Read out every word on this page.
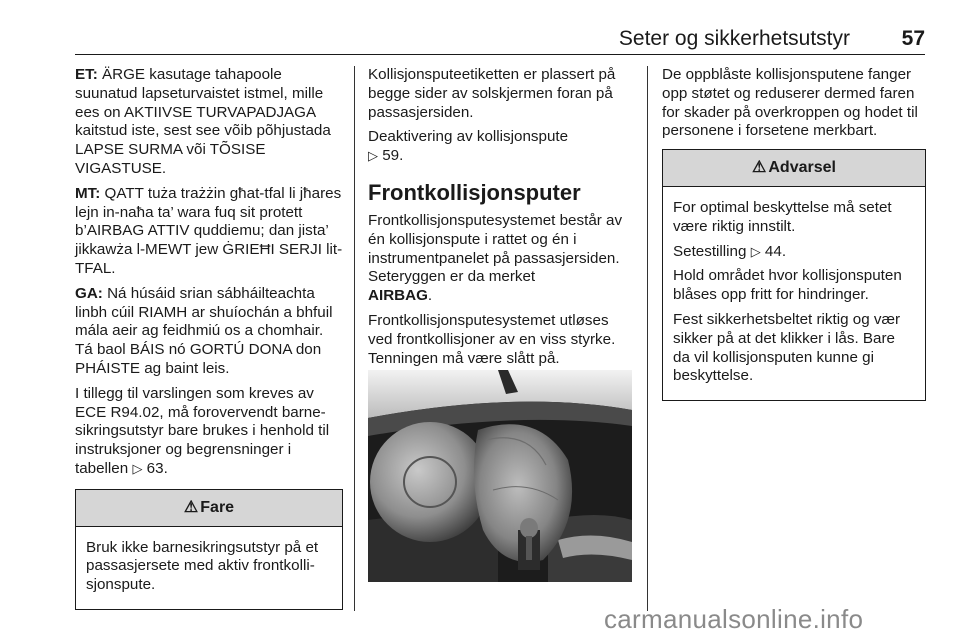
Seter og sikkerhetsutstyr	57

ET: ÄRGE kasutage tahapoole suunatud lapseturvaistet istmel, mille ees on AKTIIVSE TURVAPADJAGA kaitstud iste, sest see võib põhjustada LAPSE SURMA või TÕSISE VIGASTUSE.

MT: QATT tuża trażżin għat-tfal li jħares lejn in-naħa ta’ wara fuq sit protett b’AIRBAG ATTIV quddiemu; dan jista’ jikkawża l-MEWT jew ĠRIEĦI SERJI lit-TFAL.

GA: Ná húsáid srian sábháilteachta linbh cúil RIAMH ar shuíochán a bhfuil mála aeir ag feidhmiú os a chomhair. Tá baol BÁIS nó GORTÚ DONA don PHÁISTE ag baint leis.

I tillegg til varslingen som kreves av ECE R94.02, må forovervendt barnesikringsutstyr bare brukes i henhold til instruksjoner og begrensninger i tabellen ▷ 63.

⚠ Fare

Bruk ikke barnesikringsutstyr på et passasjersete med aktiv frontkollisjonspute.

Kollisjonsputeetiketten er plassert på begge sider av solskjermen foran på passasjersiden.

Deaktivering av kollisjonspute
▷ 59.

Frontkollisjonsputer

Frontkollisjonsputesystemet består av én kollisjonspute i rattet og én i instrumentpanelet på passasjersiden. Seteryggen er da merket
AIRBAG.

Frontkollisjonsputesystemet utløses ved frontkollisjoner av en viss styrke. Tenningen må være slått på.

De oppblåste kollisjonsputene fanger opp støtet og reduserer dermed faren for skader på overkroppen og hodet til personene i forsetene merkbart.

⚠ Advarsel

For optimal beskyttelse må setet være riktig innstilt.

Setestilling ▷ 44.

Hold området hvor kollisjonsputen blåses opp fritt for hindringer.

Fest sikkerhetsbeltet riktig og vær sikker på at det klikker i lås. Bare da vil kollisjonsputen kunne gi beskyttelse.

carmanualsonline.info
